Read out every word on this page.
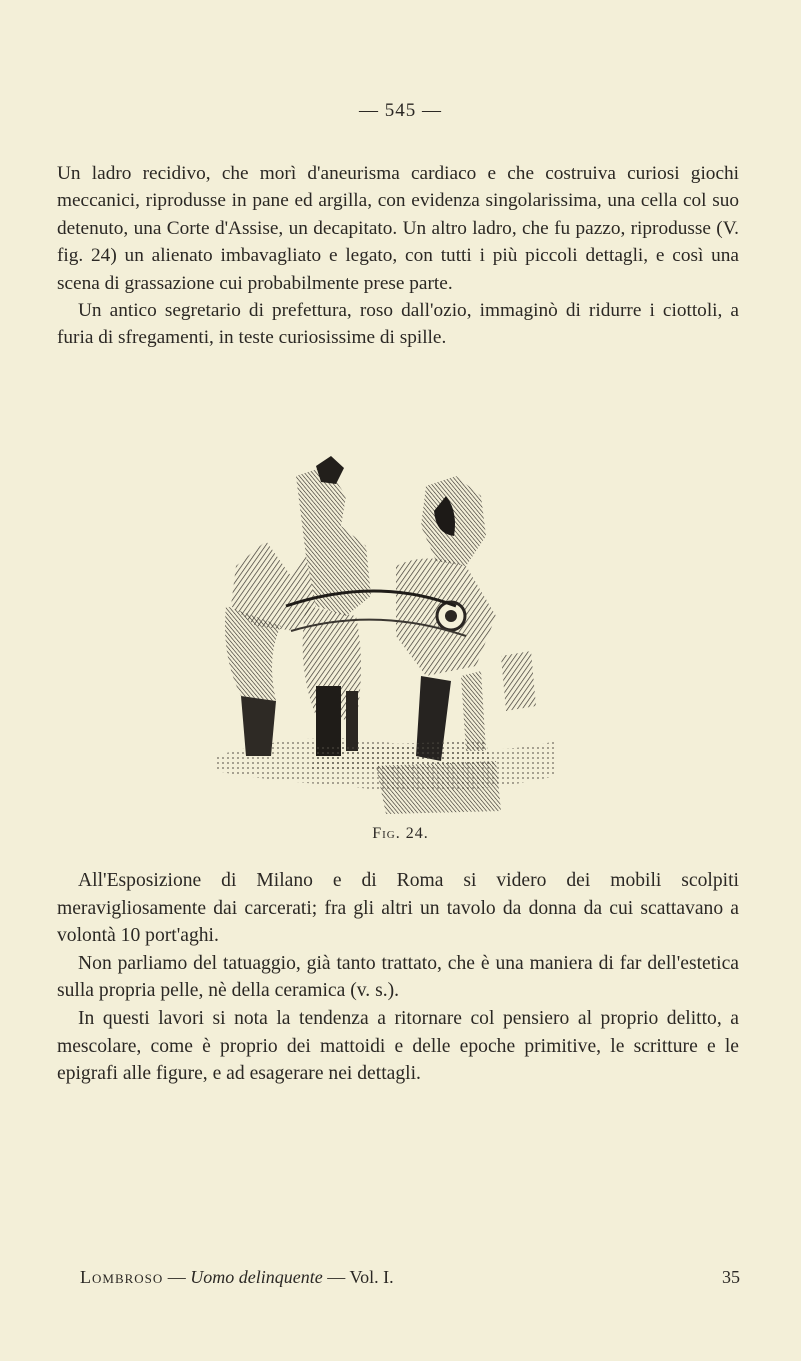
— 545 —

Un ladro recidivo, che morì d'aneurisma cardiaco e che costruiva curiosi giochi meccanici, riprodusse in pane ed argilla, con evidenza singolarissima, una cella col suo detenuto, una Corte d'Assise, un decapitato. Un altro ladro, che fu pazzo, riprodusse (V. fig. 24) un alienato imbavagliato e legato, con tutti i più piccoli dettagli, e così una scena di grassazione cui probabilmente prese parte.

Un antico segretario di prefettura, roso dall'ozio, immaginò di ridurre i ciottoli, a furia di sfregamenti, in teste curiosissime di spille.

Fig. 24.

All'Esposizione di Milano e di Roma si videro dei mobili scolpiti meravigliosamente dai carcerati; fra gli altri un tavolo da donna da cui scattavano a volontà 10 port'aghi.

Non parliamo del tatuaggio, già tanto trattato, che è una maniera di far dell'estetica sulla propria pelle, nè della ceramica (v. s.).

In questi lavori si nota la tendenza a ritornare col pensiero al proprio delitto, a mescolare, come è proprio dei mattoidi e delle epoche primitive, le scritture e le epigrafi alle figure, e ad esagerare nei dettagli.

Lombroso — Uomo delinquente — Vol. I.	35
